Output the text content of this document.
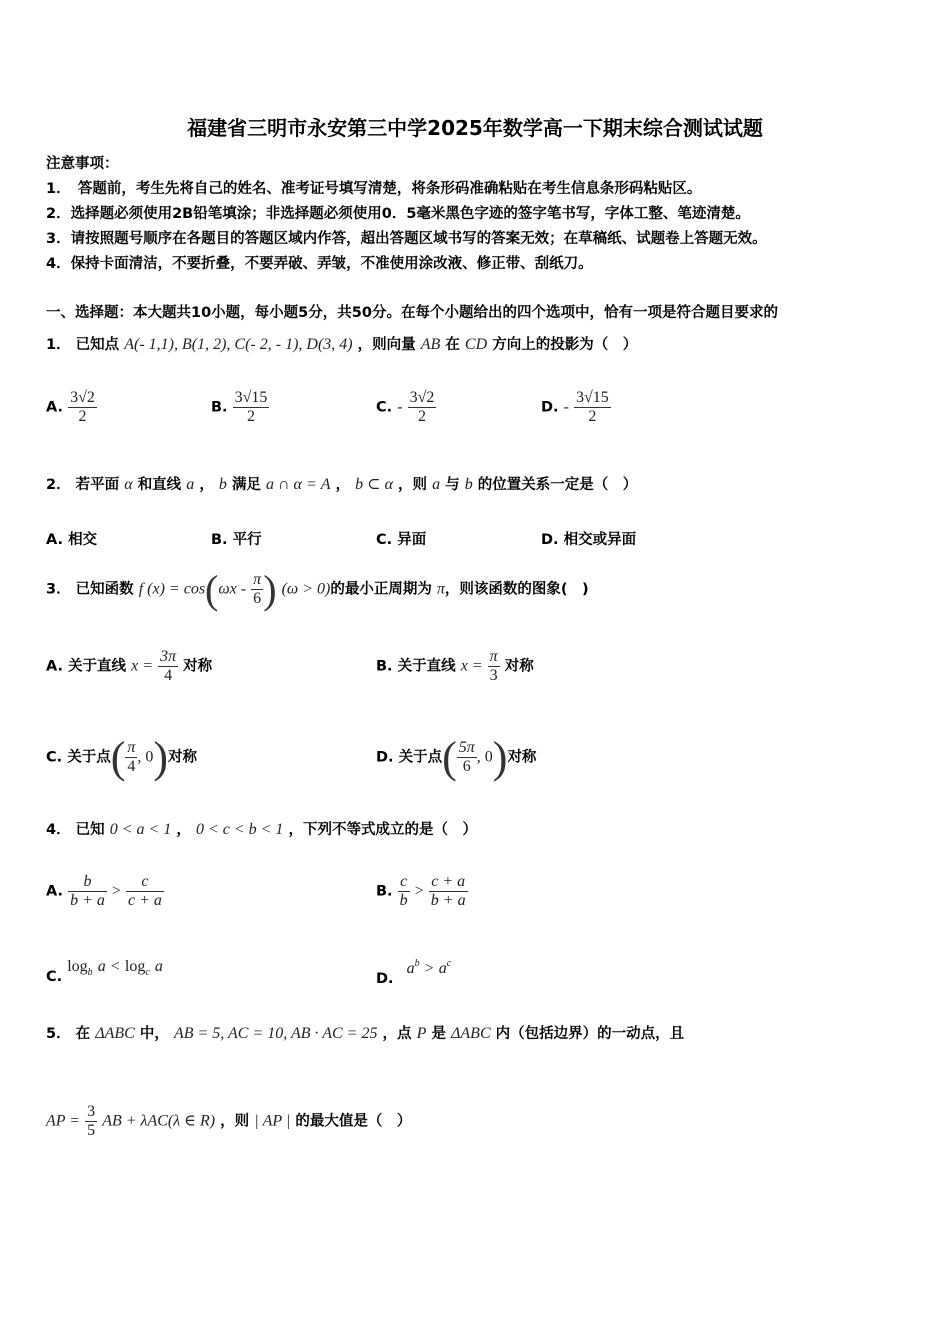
福建省三明市永安第三中学2025年数学高一下期末综合测试试题
注意事项：
1．　答题前，考生先将自己的姓名、准考证号填写清楚，将条形码准确粘贴在考生信息条形码粘贴区。
2．选择题必须使用2B铅笔填涂；非选择题必须使用0．5毫米黑色字迹的签字笔书写，字体工整、笔迹清楚。
3．请按照题号顺序在各题目的答题区域内作答，超出答题区域书写的答案无效；在草稿纸、试题卷上答题无效。
4．保持卡面清洁，不要折叠，不要弄破、弄皱，不准使用涂改液、修正带、刮纸刀。
一、选择题：本大题共10小题，每小题5分，共50分。在每个小题给出的四个选项中，恰有一项是符合题目要求的
1． 已知点 A(- 1,1), B(1, 2), C(- 2, - 1), D(3, 4) ，则向量 AB 在 CD 方向上的投影为（　）
A. $\frac{3√2}{2}$	B. $\frac{3√15}{2}$	C. - $\frac{3√2}{2}$	D. - $\frac{3√15}{2}$
2． 若平面 α 和直线 a ， b 满足 a ∩ α = A ， b ⊂ α ，则 a 与 b 的位置关系一定是（　）
A. 相交	B. 平行	C. 异面	D. 相交或异面
3． 已知函数 f $(x) = \cos(\omega x - \frac{\pi}{6}$ ) (ω > 0)的最小正周期为 π，则该函数的图象(　)
A. 关于直线 $x = \frac{3\pi}{4}$ 对称	B. 关于直线 $x = \frac{\pi}{3}$ 对称
C. 关于点( $\frac{\pi}{4}$ , 0)对称	D. 关于点( $\frac{5\pi}{6}$ , 0)对称
4． 已知 0 < a < 1 ， 0 < c < b < 1 ，下列不等式成立的是（　）
A. $\frac{b}{b + a} > \frac{c}{c + a}$	B. $\frac{c}{b} > \frac{c + a}{b + a}$
C. $\log_b a < \log_c a$
D. $a^b > a^c$
5． 在 ΔABC 中， AB = 5, AC = 10, AB · AC = 25 ，点 P 是 ΔABC 内（包括边界）的一动点，且
AP = $\frac{3}{5}$ AB + λAC(λ ∈ R) ，则 | AP | 的最大值是（　）
